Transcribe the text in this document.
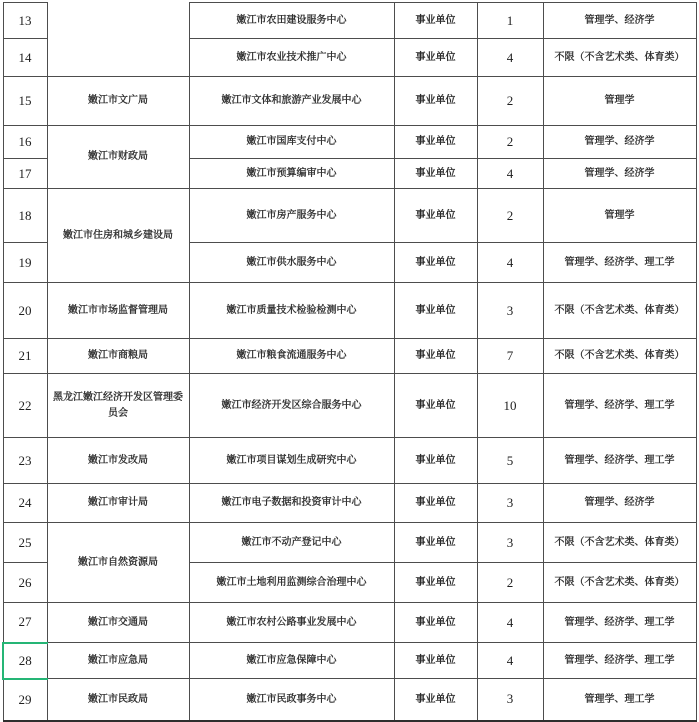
13		嫩江市农田建设服务中心	事业单位	1	管理学、经济学
14		嫩江市农业技术推广中心	事业单位	4	不限（不含艺术类、体育类）
15	嫩江市文广局	嫩江市文体和旅游产业发展中心	事业单位	2	管理学
16	嫩江市财政局	嫩江市国库支付中心	事业单位	2	管理学、经济学
17		嫩江市预算编审中心	事业单位	4	管理学、经济学
18	嫩江市住房和城乡建设局	嫩江市房产服务中心	事业单位	2	管理学
19		嫩江市供水服务中心	事业单位	4	管理学、经济学、理工学
20	嫩江市市场监督管理局	嫩江市质量技术检验检测中心	事业单位	3	不限（不含艺术类、体育类）
21	嫩江市商粮局	嫩江市粮食流通服务中心	事业单位	7	不限（不含艺术类、体育类）
22	黑龙江嫩江经济开发区管理委员会	嫩江市经济开发区综合服务中心	事业单位	10	管理学、经济学、理工学
23	嫩江市发改局	嫩江市项目谋划生成研究中心	事业单位	5	管理学、经济学、理工学
24	嫩江市审计局	嫩江市电子数据和投资审计中心	事业单位	3	管理学、经济学
25	嫩江市自然资源局	嫩江市不动产登记中心	事业单位	3	不限（不含艺术类、体育类）
26		嫩江市土地利用监测综合治理中心	事业单位	2	不限（不含艺术类、体育类）
27	嫩江市交通局	嫩江市农村公路事业发展中心	事业单位	4	管理学、经济学、理工学
28	嫩江市应急局	嫩江市应急保障中心	事业单位	4	管理学、经济学、理工学
29	嫩江市民政局	嫩江市民政事务中心	事业单位	3	管理学、理工学
